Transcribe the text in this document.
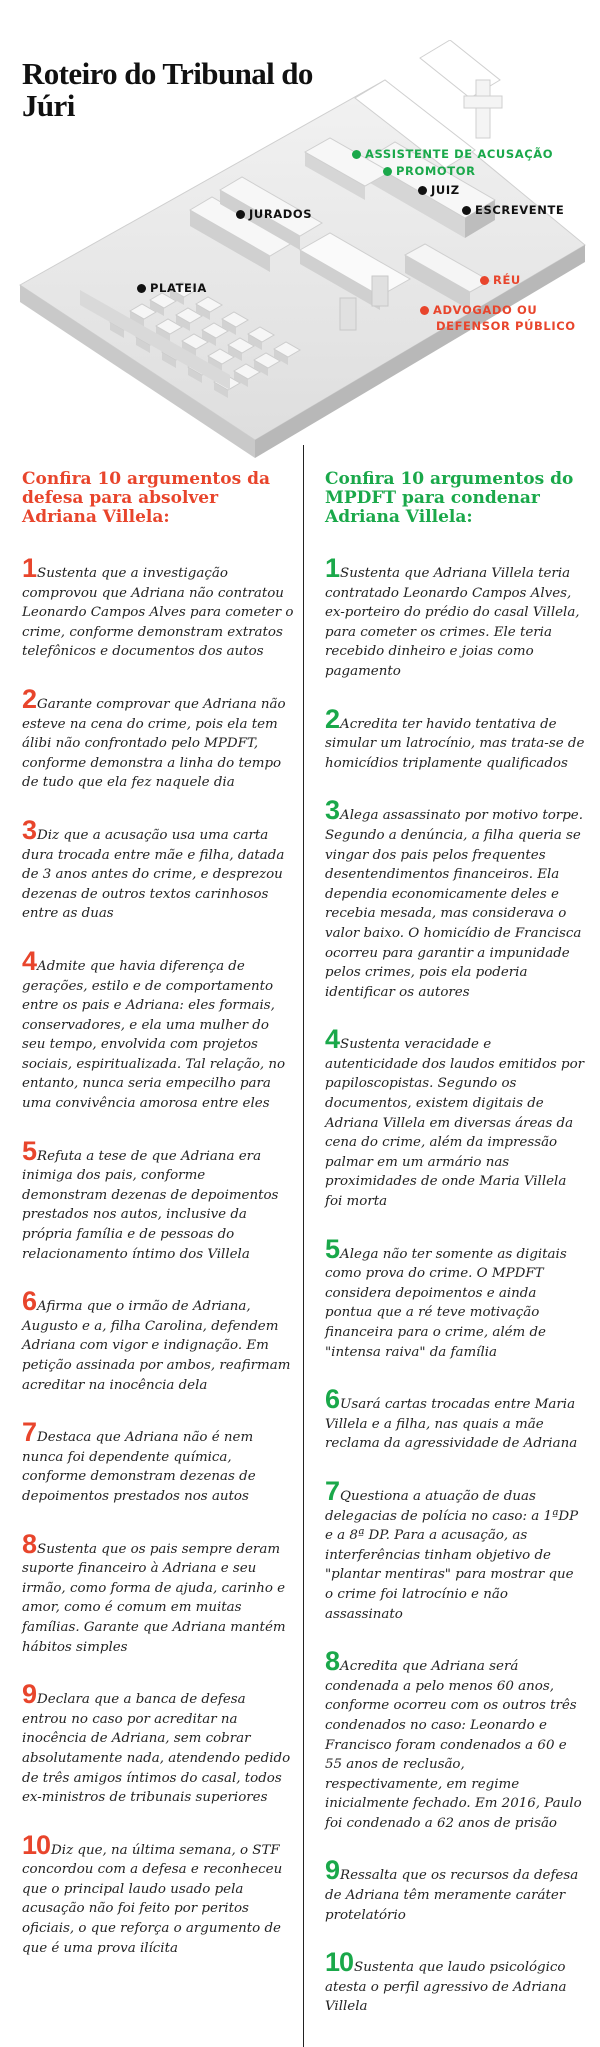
Roteiro do Tribunal do Júri
ASSISTENTE DE ACUSAÇÃO
PROMOTOR
JUIZ
ESCREVENTE
JURADOS
PLATEIA
RÉU
ADVOGADO OU
DEFENSOR PÚBLICO
Confira 10 argumentos da defesa para absolver Adriana Villela:

1Sustenta que a investigação comprovou que Adriana não contratou Leonardo Campos Alves para cometer o crime, conforme demonstram extratos telefônicos e documentos dos autos

2Garante comprovar que Adriana não esteve na cena do crime, pois ela tem álibi não confrontado pelo MPDFT, conforme demonstra a linha do tempo de tudo que ela fez naquele dia

3Diz que a acusação usa uma carta dura trocada entre mãe e filha, datada de 3 anos antes do crime, e desprezou dezenas de outros textos carinhosos entre as duas

4Admite que havia diferença de gerações, estilo e de comportamento entre os pais e Adriana: eles formais, conservadores, e ela uma mulher do seu tempo, envolvida com projetos sociais, espiritualizada. Tal relação, no entanto, nunca seria empecilho para uma convivência amorosa entre eles

5Refuta a tese de que Adriana era inimiga dos pais, conforme demonstram dezenas de depoimentos prestados nos autos, inclusive da própria família e de pessoas do relacionamento íntimo dos Villela

6Afirma que o irmão de Adriana, Augusto e a, filha Carolina, defendem Adriana com vigor e indignação. Em petição assinada por ambos, reafirmam acreditar na inocência dela

7Destaca que Adriana não é nem nunca foi dependente química, conforme demonstram dezenas de depoimentos prestados nos autos

8Sustenta que os pais sempre deram suporte financeiro à Adriana e seu irmão, como forma de ajuda, carinho e amor, como é comum em muitas famílias. Garante que Adriana mantém hábitos simples

9Declara que a banca de defesa entrou no caso por acreditar na inocência de Adriana, sem cobrar absolutamente nada, atendendo pedido de três amigos íntimos do casal, todos ex-ministros de tribunais superiores

10Diz que, na última semana, o STF concordou com a defesa e reconheceu que o principal laudo usado pela acusação não foi feito por peritos oficiais, o que reforça o argumento de que é uma prova ilícita

Confira 10 argumentos do MPDFT para condenar Adriana Villela:

1Sustenta que Adriana Villela teria contratado Leonardo Campos Alves, ex-porteiro do prédio do casal Villela, para cometer os crimes. Ele teria recebido dinheiro e joias como pagamento

2Acredita ter havido tentativa de simular um latrocínio, mas trata-se de homicídios triplamente qualificados

3Alega assassinato por motivo torpe. Segundo a denúncia, a filha queria se vingar dos pais pelos frequentes desentendimentos financeiros. Ela dependia economicamente deles e recebia mesada, mas considerava o valor baixo. O homicídio de Francisca ocorreu para garantir a impunidade pelos crimes, pois ela poderia identificar os autores

4Sustenta veracidade e autenticidade dos laudos emitidos por papiloscopistas. Segundo os documentos, existem digitais de Adriana Villela em diversas áreas da cena do crime, além da impressão palmar em um armário nas proximidades de onde Maria Villela foi morta

5Alega não ter somente as digitais como prova do crime. O MPDFT considera depoimentos e ainda pontua que a ré teve motivação financeira para o crime, além de "intensa raiva" da família

6Usará cartas trocadas entre Maria Villela e a filha, nas quais a mãe reclama da agressividade de Adriana

7Questiona a atuação de duas delegacias de polícia no caso: a 1ªDP e a 8ª DP. Para a acusação, as interferências tinham objetivo de "plantar mentiras" para mostrar que o crime foi latrocínio e não assassinato

8Acredita que Adriana será condenada a pelo menos 60 anos, conforme ocorreu com os outros três condenados no caso: Leonardo e Francisco foram condenados a 60 e 55 anos de reclusão, respectivamente, em regime inicialmente fechado. Em 2016, Paulo foi condenado a 62 anos de prisão

9Ressalta que os recursos da defesa de Adriana têm meramente caráter protelatório

10Sustenta que laudo psicológico atesta o perfil agressivo de Adriana Villela
